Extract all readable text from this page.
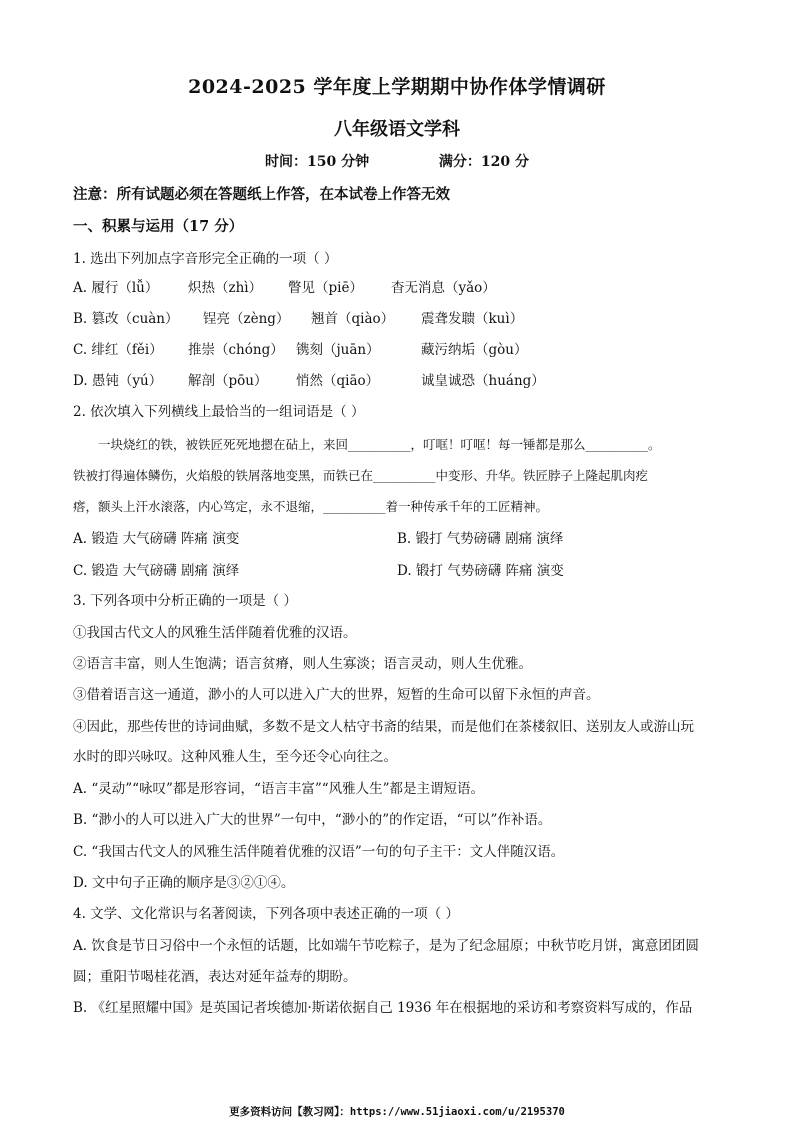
2024-2025 学年度上学期期中协作体学情调研
八年级语文学科
时间：150 分钟	满分：120 分
注意：所有试题必须在答题纸上作答，在本试卷上作答无效
一、积累与运用（17 分）
1. 选出下列加点字音形完全正确的一项（ ）
A. 履行（lǚ）	炽热（zhì）	瞥见（piē）	杳无消息（yǎo）
B. 篡改（cuàn）	锃亮（zèng）	翘首（qiào）	震聋发聩（kuì）
C. 绯红（fěi）	推崇（chóng） 镌刻（juān）	藏污纳垢（gòu）
D. 愚钝（yú）	解剖（pōu）	悄然（qiāo）	诚皇诚恐（huáng）
2. 依次填入下列横线上最恰当的一组词语是（ ）
一块烧红的铁，被铁匠死死地摁在砧上，来回__________，叮哐！叮哐！每一锤都是那么__________。
铁被打得遍体鳞伤，火焰般的铁屑落地变黑，而铁已在__________中变形、升华。铁匠脖子上隆起肌肉疙
瘩，额头上汗水滚落，内心笃定，永不退缩，__________着一种传承千年的工匠精神。
A. 锻造 大气磅礴 阵痛 演变	B. 锻打 气势磅礴 剧痛 演绎
C. 锻造 大气磅礴 剧痛 演绎	D. 锻打 气势磅礴 阵痛 演变
3. 下列各项中分析正确的一项是（ ）
①我国古代文人的风雅生活伴随着优雅的汉语。
②语言丰富，则人生饱满；语言贫瘠，则人生寡淡；语言灵动，则人生优雅。
③借着语言这一通道，渺小的人可以进入广大的世界，短暂的生命可以留下永恒的声音。
④因此，那些传世的诗词曲赋，多数不是文人枯守书斋的结果，而是他们在茶楼叙旧、送别友人或游山玩
水时的即兴咏叹。这种风雅人生，至今还令心向往之。
A. “灵动”“咏叹”都是形容词，“语言丰富”“风雅人生”都是主谓短语。
B. “渺小的人可以进入广大的世界”一句中，“渺小的”的作定语，“可以”作补语。
C. “我国古代文人的风雅生活伴随着优雅的汉语”一句的句子主干：文人伴随汉语。
D. 文中句子正确的顺序是③②①④。
4. 文学、文化常识与名著阅读，下列各项中表述正确的一项（ ）
A. 饮食是节日习俗中一个永恒的话题，比如端午节吃粽子，是为了纪念屈原；中秋节吃月饼，寓意团团圆
圆；重阳节喝桂花酒，表达对延年益寿的期盼。
B. 《红星照耀中国》是英国记者埃德加·斯诺依据自己 1936 年在根据地的采访和考察资料写成的，作品
更多资料访问【教习网】：https://www.51jiaoxi.com/u/2195370
